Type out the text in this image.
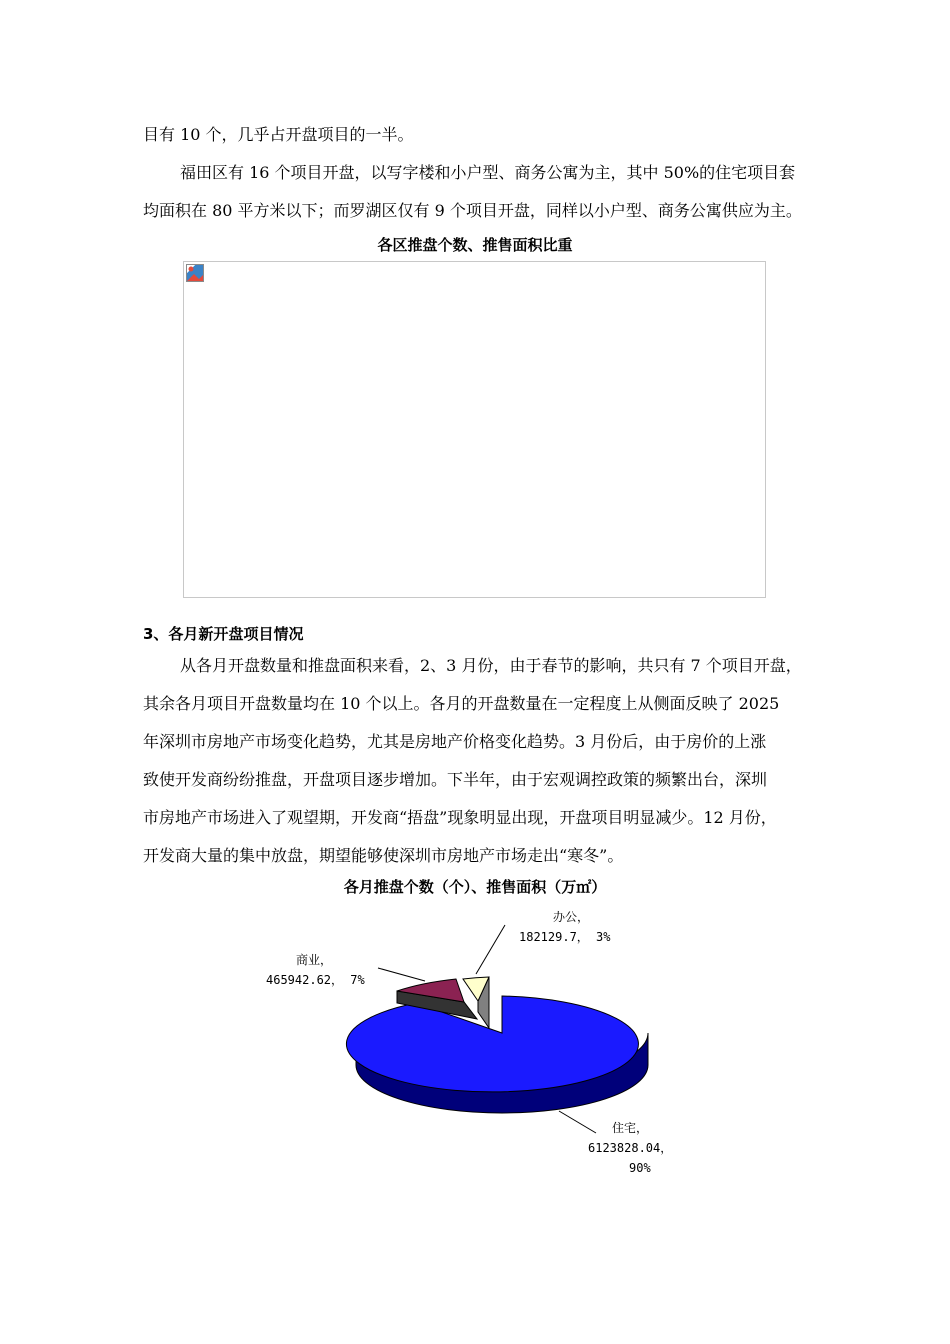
目有 10 个，几乎占开盘项目的一半。
福田区有 16 个项目开盘，以写字楼和小户型、商务公寓为主，其中 50%的住宅项目套
均面积在 80 平方米以下；而罗湖区仅有 9 个项目开盘，同样以小户型、商务公寓供应为主。
各区推盘个数、推售面积比重
3、各月新开盘项目情况
从各月开盘数量和推盘面积来看，2、3 月份，由于春节的影响，共只有 7 个项目开盘，
其余各月项目开盘数量均在 10 个以上。各月的开盘数量在一定程度上从侧面反映了 2025
年深圳市房地产市场变化趋势，尤其是房地产价格变化趋势。3 月份后，由于房价的上涨
致使开发商纷纷推盘，开盘项目逐步增加。下半年，由于宏观调控政策的频繁出台，深圳
市房地产市场进入了观望期，开发商“捂盘”现象明显出现，开盘项目明显减少。12 月份，
开发商大量的集中放盘，期望能够使深圳市房地产市场走出“寒冬”。
各月推盘个数（个）、推售面积（万㎡）
办公，
182129.7， 3%
商业，
465942.62， 7%
住宅，
6123828.04，
90%
